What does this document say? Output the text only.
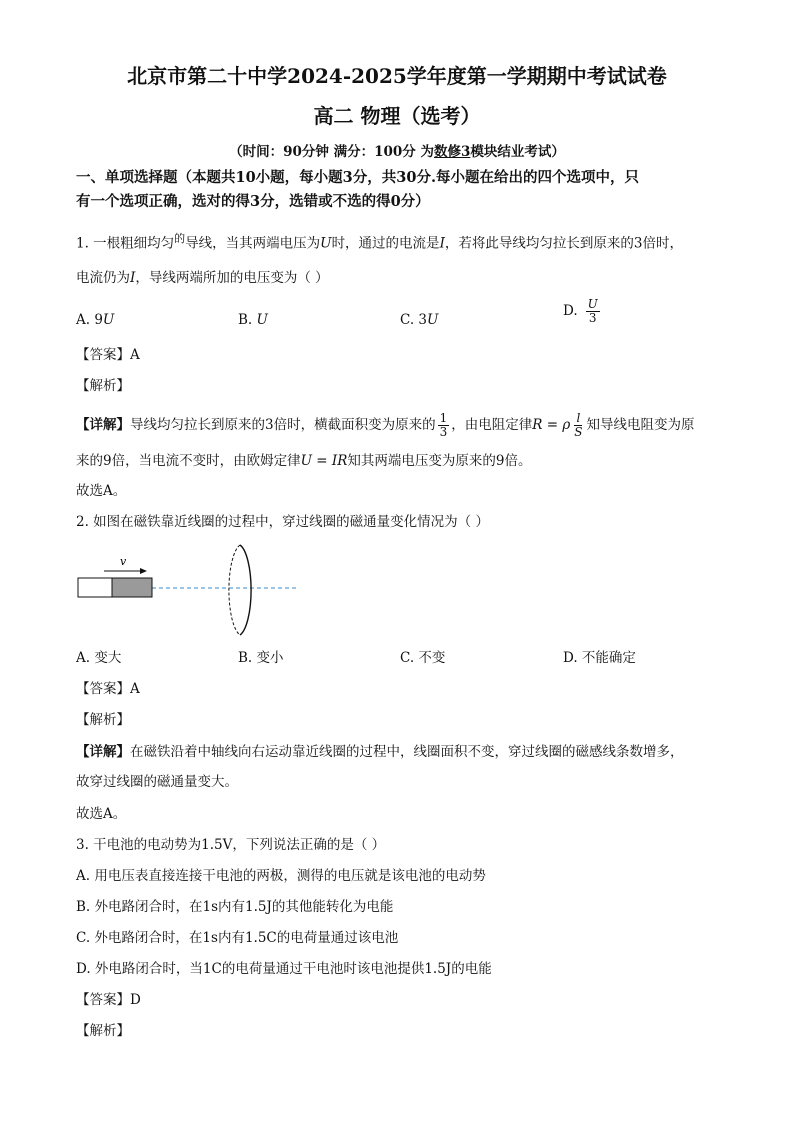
北京市第二十中学2024-2025学年度第一学期期中考试试卷
高二 物理（选考）
（时间：90分钟 满分：100分 为数修3模块结业考试）
一、单项选择题（本题共10小题，每小题3分，共30分.每小题在给出的四个选项中，只
有一个选项正确，选对的得3分，选错或不选的得0分）
1. 一根粗细均匀$^的$导线，当其两端电压为U时，通过的电流是I，若将此导线均匀拉长到原来的3倍时，
电流仍为I，导线两端所加的电压变为（ ）
A. 9U	B. U	C. 3U
D. $\frac{U}{3}$
【答案】A
【解析】
【详解】导线均匀拉长到原来的3倍时，横截面积变为原来的 $\frac{1}{3}$ ，由电阻定律R = ρ $\frac{l}{S}$ 知导线电阻变为原
来的9倍，当电流不变时，由欧姆定律U = IR知其两端电压变为原来的9倍。
故选A。
2. 如图在磁铁靠近线圈的过程中，穿过线圈的磁通量变化情况为（ ）
v
A. 变大	B. 变小	C. 不变	D. 不能确定
【答案】A
【解析】
【详解】在磁铁沿着中轴线向右运动靠近线圈的过程中，线圈面积不变，穿过线圈的磁感线条数增多，
故穿过线圈的磁通量变大。
故选A。
3. 干电池的电动势为1.5V，下列说法正确的是（ ）
A. 用电压表直接连接干电池的两极，测得的电压就是该电池的电动势
B. 外电路闭合时，在1s内有1.5J的其他能转化为电能
C. 外电路闭合时，在1s内有1.5C的电荷量通过该电池
D. 外电路闭合时，当1C的电荷量通过干电池时该电池提供1.5J的电能
【答案】D
【解析】
